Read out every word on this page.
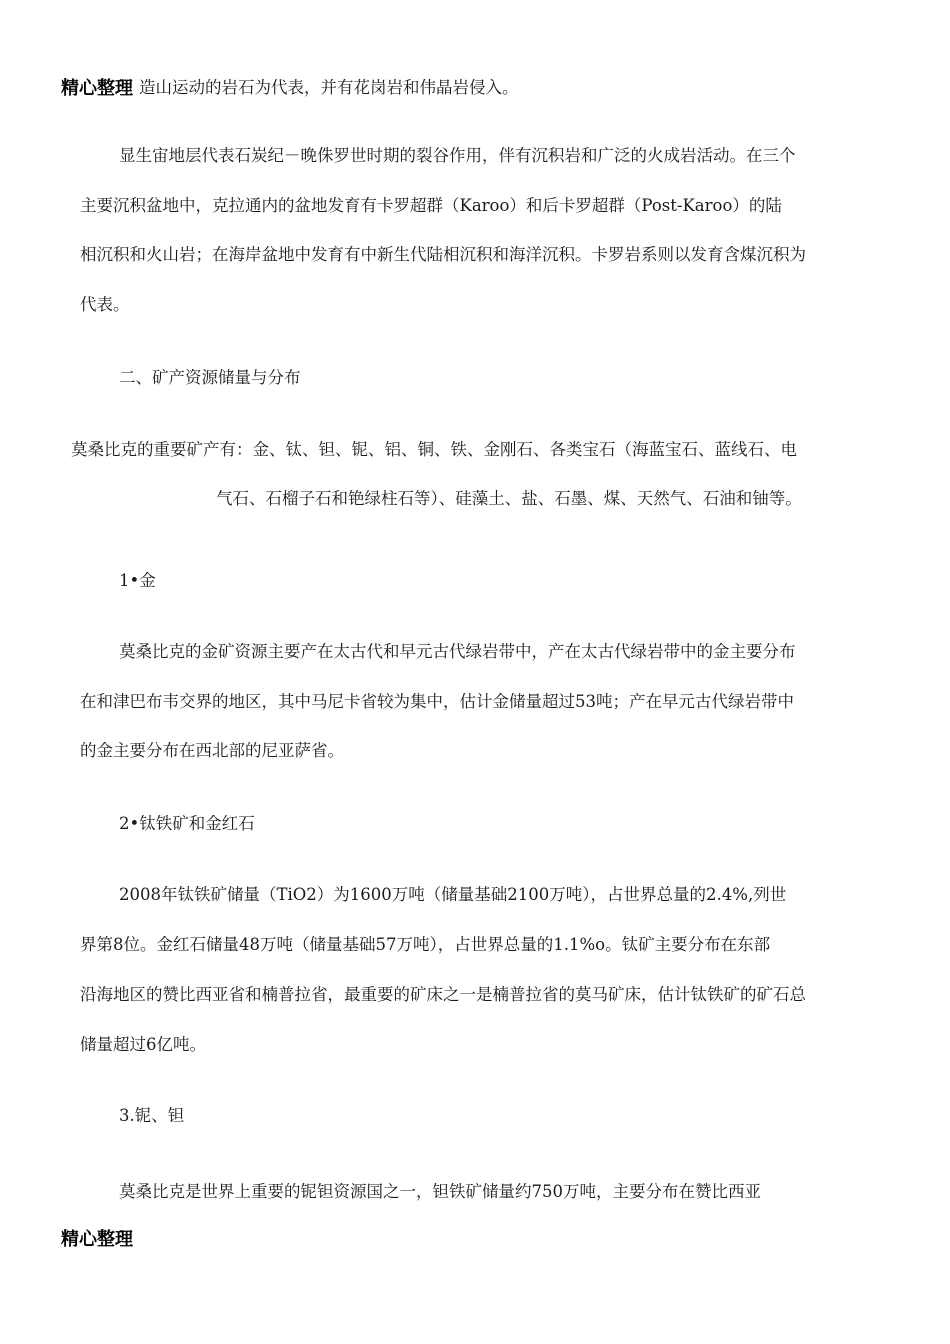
精心整理 造山运动的岩石为代表，并有花岗岩和伟晶岩侵入。
显生宙地层代表石炭纪－晚侏罗世时期的裂谷作用，伴有沉积岩和广泛的火成岩活动。在三个
主要沉积盆地中，克拉通内的盆地发育有卡罗超群（Karoo）和后卡罗超群（Post-Karoo）的陆
相沉积和火山岩；在海岸盆地中发育有中新生代陆相沉积和海洋沉积。卡罗岩系则以发育含煤沉积为
代表。
二、矿产资源储量与分布
莫桑比克的重要矿产有：金、钛、钽、铌、铝、铜、铁、金刚石、各类宝石（海蓝宝石、蓝线石、电
气石、石榴子石和铯绿柱石等）、硅藻土、盐、石墨、煤、天然气、石油和铀等。
1•金
莫桑比克的金矿资源主要产在太古代和早元古代绿岩带中，产在太古代绿岩带中的金主要分布
在和津巴布韦交界的地区，其中马尼卡省较为集中，估计金储量超过53吨；产在早元古代绿岩带中
的金主要分布在西北部的尼亚萨省。
2•钛铁矿和金红石
2008年钛铁矿储量（TiO2）为1600万吨（储量基础2100万吨），占世界总量的2.4%,列世
界第8位。金红石储量48万吨（储量基础57万吨），占世界总量的1.1%o。钛矿主要分布在东部
沿海地区的赞比西亚省和楠普拉省，最重要的矿床之一是楠普拉省的莫马矿床，估计钛铁矿的矿石总
储量超过6亿吨。
3.铌、钽
莫桑比克是世界上重要的铌钽资源国之一，钽铁矿储量约750万吨，主要分布在赞比西亚
精心整理
